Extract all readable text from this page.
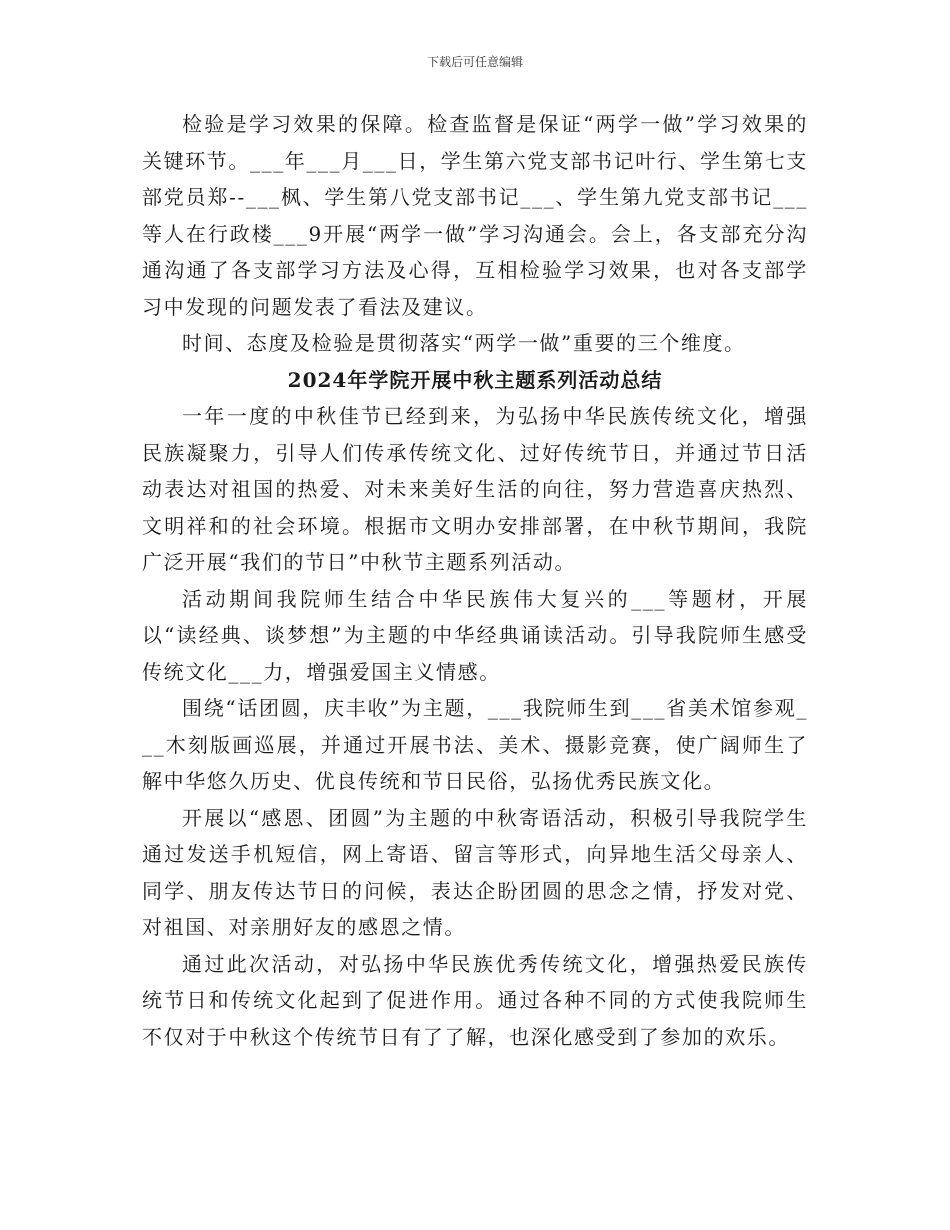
下载后可任意编辑

检验是学习效果的保障。检查监督是保证“两学一做”学习效果的关键环节。___年___月___日，学生第六党支部书记叶行、学生第七支部党员郑--___枫、学生第八党支部书记___、学生第九党支部书记___等人在行政楼___9开展“两学一做”学习沟通会。会上，各支部充分沟通沟通了各支部学习方法及心得，互相检验学习效果，也对各支部学习中发现的问题发表了看法及建议。

时间、态度及检验是贯彻落实“两学一做”重要的三个维度。

2024年学院开展中秋主题系列活动总结

一年一度的中秋佳节已经到来，为弘扬中华民族传统文化，增强民族凝聚力，引导人们传承传统文化、过好传统节日，并通过节日活动表达对祖国的热爱、对未来美好生活的向往，努力营造喜庆热烈、文明祥和的社会环境。根据市文明办安排部署，在中秋节期间，我院广泛开展“我们的节日”中秋节主题系列活动。

活动期间我院师生结合中华民族伟大复兴的___等题材，开展以“读经典、谈梦想”为主题的中华经典诵读活动。引导我院师生感受传统文化___力，增强爱国主义情感。

围绕“话团圆，庆丰收”为主题，___我院师生到___省美术馆参观___木刻版画巡展，并通过开展书法、美术、摄影竞赛，使广阔师生了解中华悠久历史、优良传统和节日民俗，弘扬优秀民族文化。

开展以“感恩、团圆”为主题的中秋寄语活动，积极引导我院学生通过发送手机短信，网上寄语、留言等形式，向异地生活父母亲人、同学、朋友传达节日的问候，表达企盼团圆的思念之情，抒发对党、对祖国、对亲朋好友的感恩之情。

通过此次活动，对弘扬中华民族优秀传统文化，增强热爱民族传统节日和传统文化起到了促进作用。通过各种不同的方式使我院师生不仅对于中秋这个传统节日有了了解，也深化感受到了参加的欢乐。
